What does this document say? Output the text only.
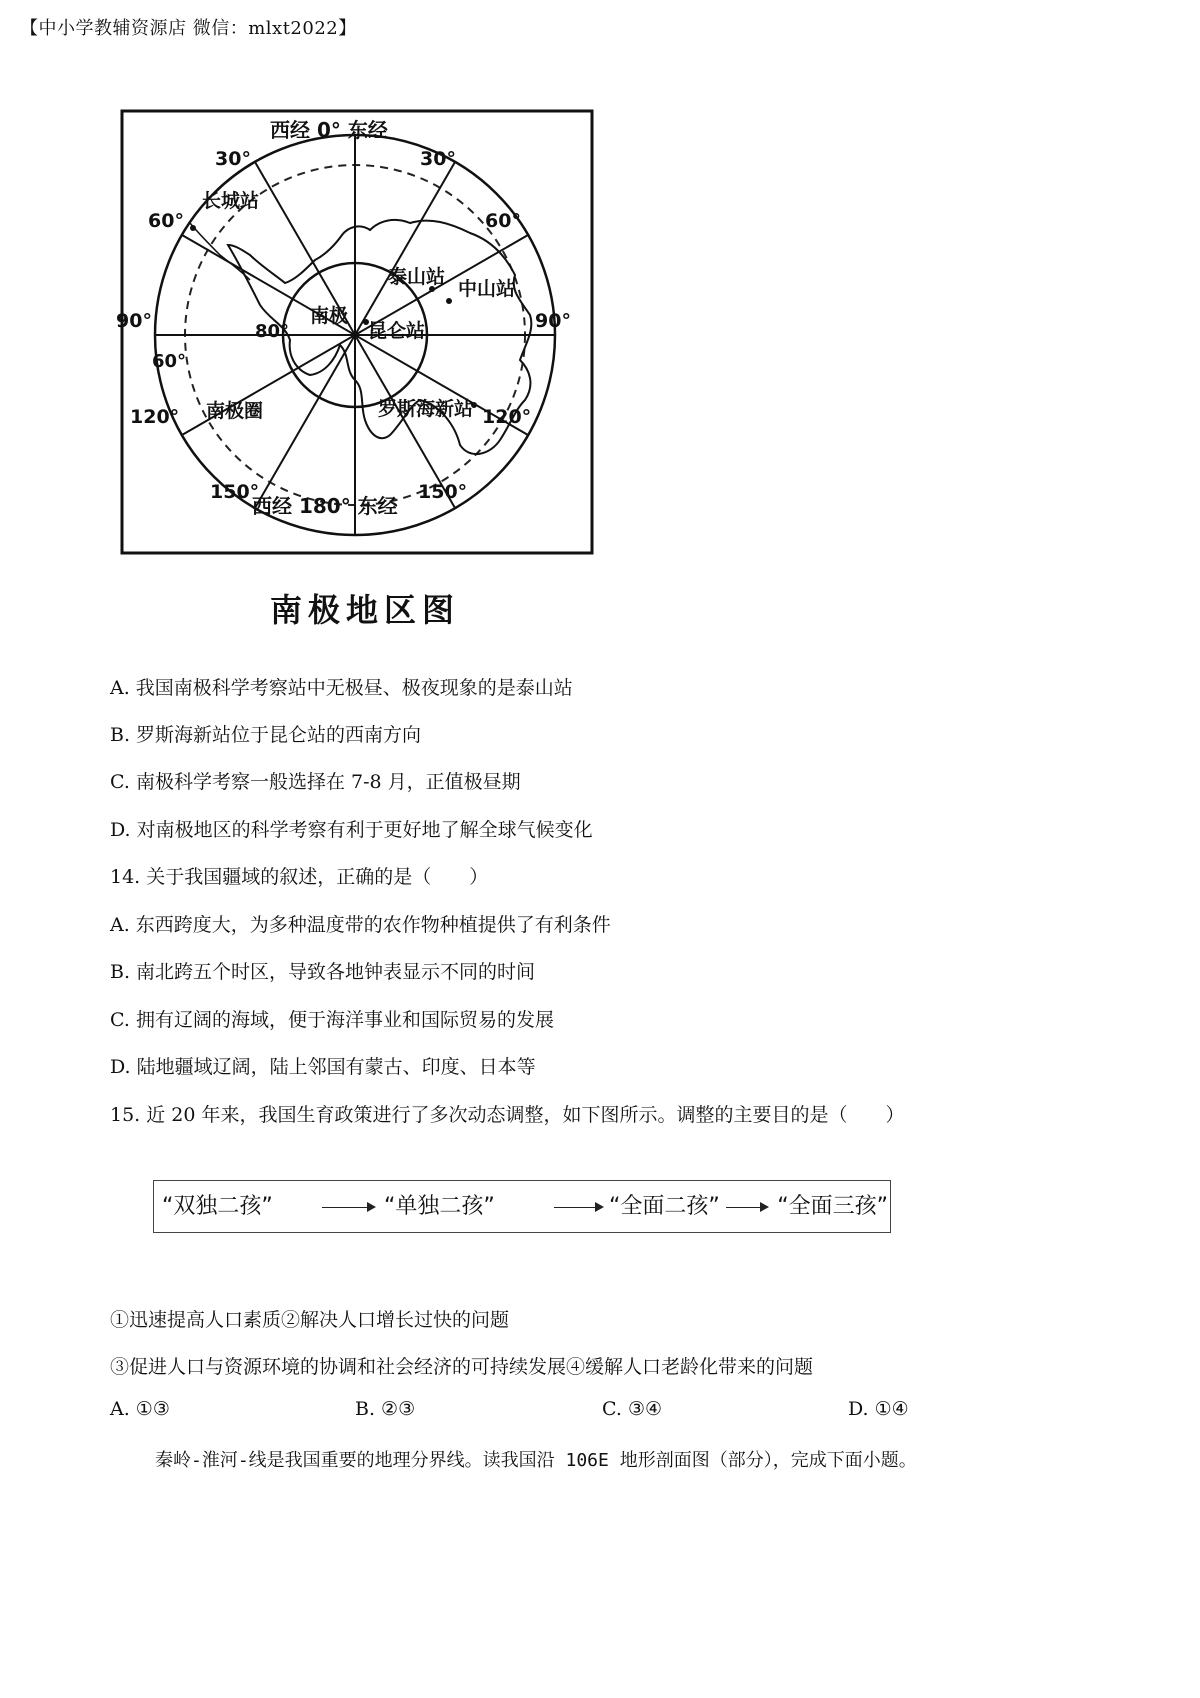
【中小学教辅资源店 微信：mlxt2022】
西经 0° 东经
30°	30°
长城站
60°	60°
泰山站
中山站
90°	90°
南极
80°	昆仑站
60°
南极圈
120°	罗斯海新站 120°
150°	150°
西经 180° 东经
南极地区图
A. 我国南极科学考察站中无极昼、极夜现象的是泰山站
B. 罗斯海新站位于昆仑站的西南方向
C. 南极科学考察一般选择在 7-8 月，正值极昼期
D. 对南极地区的科学考察有利于更好地了解全球气候变化
14. 关于我国疆域的叙述，正确的是（　　）
A. 东西跨度大，为多种温度带的农作物种植提供了有利条件
B. 南北跨五个时区，导致各地钟表显示不同的时间
C. 拥有辽阔的海域，便于海洋事业和国际贸易的发展
D. 陆地疆域辽阔，陆上邻国有蒙古、印度、日本等
15. 近 20 年来，我国生育政策进行了多次动态调整，如下图所示。调整的主要目的是（　　）
“双独二孩”	“单独二孩”	“全面二孩”	“全面三孩”
①迅速提高人口素质②解决人口增长过快的问题
③促进人口与资源环境的协调和社会经济的可持续发展④缓解人口老龄化带来的问题
A. ①③	B. ②③	C. ③④	D. ①④
秦岭-淮河-线是我国重要的地理分界线。读我国沿 106E 地形剖面图（部分），完成下面小题。
